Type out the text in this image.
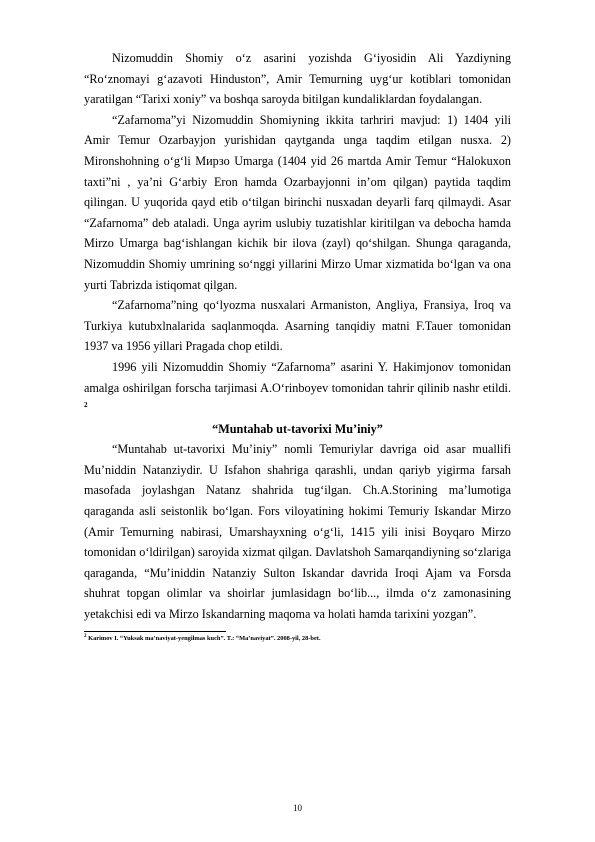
Nizomuddin Shomiy o‘z asarini yozishda G‘iyosidin Ali Yazdiyning “Ro‘znomayi g‘azavoti Hinduston”, Amir Temurning uyg‘ur kotiblari tomonidan yaratilgan “Tarixi xoniy” va boshqa saroyda bitilgan kundaliklardan foydalangan.

“Zafarnoma”yi Nizomuddin Shomiyning ikkita tarhriri mavjud: 1) 1404 yili Amir Temur Ozarbayjon yurishidan qaytganda unga taqdim etilgan nusxa. 2) Mironshohning o‘g‘li Мирзо Umarga (1404 yid 26 martda Amir Temur “Halokuxon taxti”ni , ya’ni G‘arbiy Eron hamda Ozarbayjonni in’om qilgan) paytida taqdim qilingan. U yuqorida qayd etib o‘tilgan birinchi nusxadan deyarli farq qilmaydi. Asar “Zafarnoma” deb ataladi. Unga ayrim uslubiy tuzatishlar kiritilgan va debocha hamda Mirzo Umarga bag‘ishlangan kichik bir ilova (zayl) qo‘shilgan. Shunga qaraganda, Nizomuddin Shomiy umrining so‘nggi yillarini Mirzo Umar xizmatida bo‘lgan va ona yurti Tabrizda istiqomat qilgan.

“Zafarnoma”ning qo‘lyozma nusxalari Armaniston, Angliya, Fransiya, Iroq va Turkiya kutubxlnalarida saqlanmoqda. Asarning tanqidiy matni F.Tauer tomonidan 1937 va 1956 yillari Pragada chop etildi.

1996 yili Nizomuddin Shomiy “Zafarnoma” asarini Y. Hakimjonov tomonidan amalga oshirilgan forscha tarjimasi A.O‘rinboyev tomonidan tahrir qilinib nashr etildi. $^2$

“Muntahab ut-tavorixi Mu’iniy”

“Muntahab ut-tavorixi Mu’iniy” nomli Temuriylar davriga oid asar muallifi Mu’niddin Natanziydir. U Isfahon shahriga qarashli, undan qariyb yigirma farsah masofada joylashgan Natanz shahrida tug‘ilgan. Ch.A.Storining ma’lumotiga qaraganda asli seistonlik bo‘lgan. Fors viloyatining hokimi Temuriy Iskandar Mirzo (Amir Temurning nabirasi, Umarshayxning o‘g‘li, 1415 yili inisi Boyqaro Mirzo tomonidan o‘ldirilgan) saroyida xizmat qilgan. Davlatshoh Samarqandiyning so‘zlariga qaraganda, “Mu’iniddin Natanziy Sulton Iskandar davrida Iroqi Ajam va Forsda shuhrat topgan olimlar va shoirlar jumlasidagn bo‘lib..., ilmda o‘z zamonasining yetakchisi edi va Mirzo Iskandarning maqoma va holati hamda tarixini yozgan”.

$^2$ Karimov I. “Yuksak ma’naviyat-yengilmas kuch”. T.: “Ma’naviyat”. 2008-yil, 28-bet.

10
